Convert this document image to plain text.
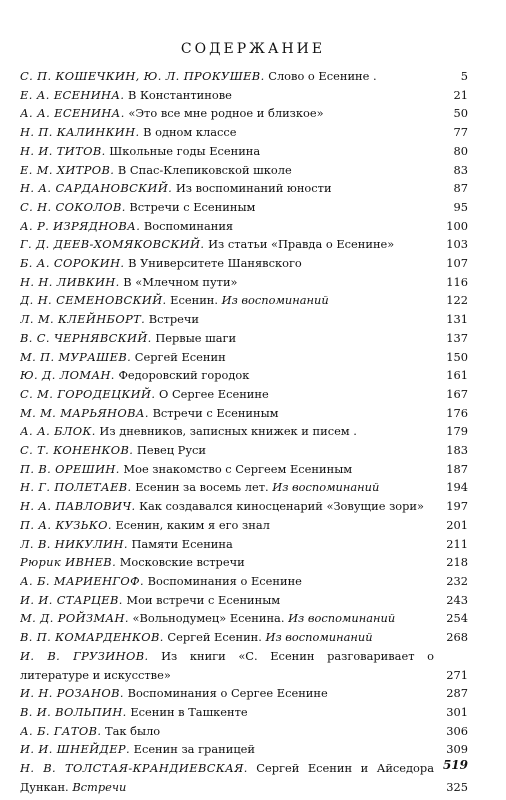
СОДЕРЖАНИЕ
С. П. КОШЕЧКИН, Ю. Л. ПРОКУШЕВ. Слово о Есенине .	5
Е. А. ЕСЕНИНА. В Константинове	21
А. А. ЕСЕНИНА. «Это все мне родное и близкое»	50
Н. П. КАЛИНКИН. В одном классе	77
Н. И. ТИТОВ. Школьные годы Есенина	80
Е. М. ХИТРОВ. В Спас-Клепиковской школе	83
Н. А. САРДАНОВСКИЙ. Из воспоминаний юности	87
С. Н. СОКОЛОВ. Встречи с Есениным	95
А. Р. ИЗРЯДНОВА. Воспоминания	100
Г. Д. ДЕЕВ-ХОМЯКОВСКИЙ. Из статьи «Правда о Есенине»	103
Б. А. СОРОКИН. В Университете Шанявского	107
Н. Н. ЛИВКИН. В «Млечном пути»	116
Д. Н. СЕМЕНОВСКИЙ. Есенин. Из воспоминаний	122
Л. М. КЛЕЙНБОРТ. Встречи	131
В. С. ЧЕРНЯВСКИЙ. Первые шаги	137
М. П. МУРАШЕВ. Сергей Есенин	150
Ю. Д. ЛОМАН. Федоровский городок	161
С. М. ГОРОДЕЦКИЙ. О Сергее Есенине	167
М. М. МАРЬЯНОВА. Встречи с Есениным	176
А. А. БЛОК. Из дневников, записных книжек и писем .	179
С. Т. КОНЕНКОВ. Певец Руси	183
П. В. ОРЕШИН. Мое знакомство с Сергеем Есениным	187
Н. Г. ПОЛЕТАЕВ. Есенин за восемь лет. Из воспоминаний	194
Н. А. ПАВЛОВИЧ. Как создавался киносценарий «Зовущие зори»	197
П. А. КУЗЬКО. Есенин, каким я его знал	201
Л. В. НИКУЛИН. Памяти Есенина	211
Рюрик ИВНЕВ. Московские встречи	218
А. Б. МАРИЕНГОФ. Воспоминания о Есенине	232
И. И. СТАРЦЕВ. Мои встречи с Есениным	243
М. Д. РОЙЗМАН. «Вольнодумец» Есенина. Из воспоминаний	254
В. П. КОМАРДЕНКОВ. Сергей Есенин. Из воспоминаний	268
И. В. ГРУЗИНОВ. Из книги «С. Есенин разговаривает о литературе и искусстве»	271
И. Н. РОЗАНОВ. Воспоминания о Сергее Есенине	287
В. И. ВОЛЬПИН. Есенин в Ташкенте	301
А. Б. ГАТОВ. Так было	306
И. И. ШНЕЙДЕР. Есенин за границей	309
Н. В. ТОЛСТАЯ-КРАНДИЕВСКАЯ. Сергей Есенин и Айседора Дункан. Встречи	325
519
